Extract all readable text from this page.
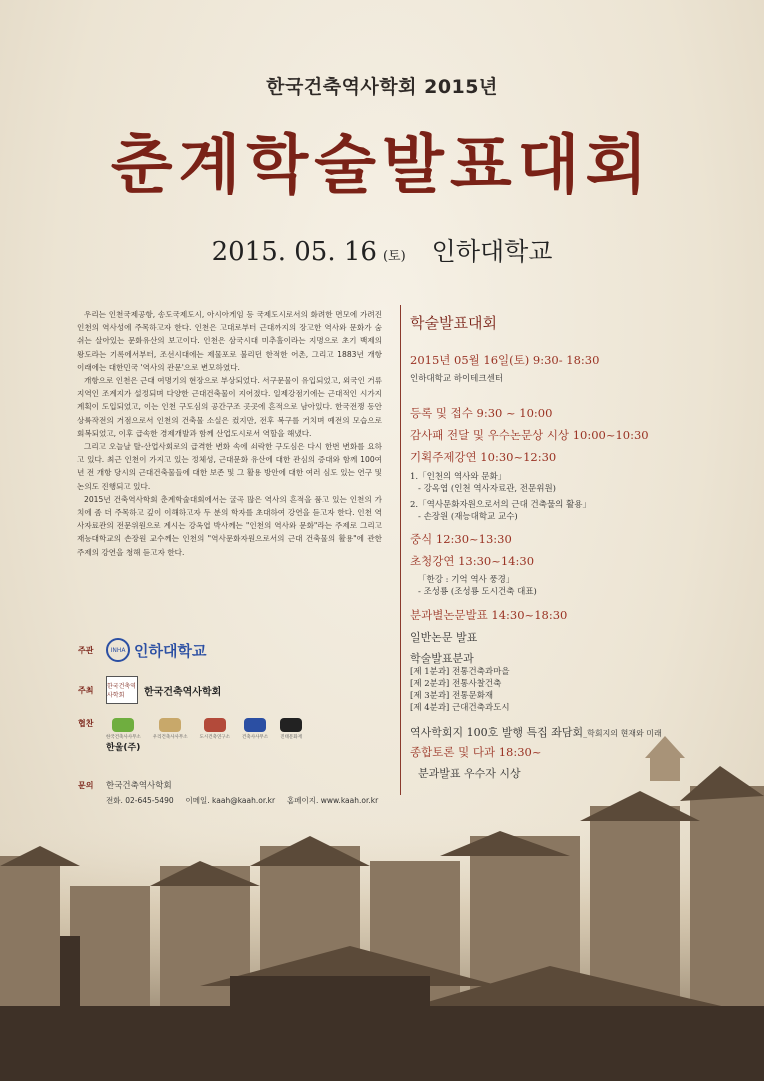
한국건축역사학회 2015년
춘계학술발표대회
2015. 05. 16 (토) 인하대학교

우리는 인천국제공항, 송도국제도시, 아시아게임 등 국제도시로서의 화려한 면모에 가려진 인천의 역사성에 주목하고자 한다. 인천은 고대로부터 근대까지의 장고한 역사와 문화가 숨쉬는 살아있는 문화유산의 보고이다. 인천은 삼국시대 미추홀이라는 지명으로 초기 백제의 왕도라는 기록에서부터, 조선시대에는 제물포로 불리던 한적한 어촌, 그리고 1883년 개항 이래에는 대한민국 '역사의 관문'으로 변모하였다.

개항으로 인천은 근대 여명기의 현장으로 부상되었다. 서구문물이 유입되었고, 외국인 거류지역인 조계지가 설정되며 다양한 근대건축물이 지어졌다. 일제강점기에는 근대적인 시가지 계획이 도입되었고, 이는 인천 구도심의 공간구조 곳곳에 흔적으로 남아있다. 한국전쟁 동안 상륙작전의 거점으로서 인천의 건축물 소실은 컸지만, 전후 복구를 거치며 예전의 모습으로 회복되었고, 이후 급속한 경제개발과 함께 산업도시로서 역할을 해냈다.

그리고 오늘날 탈-산업사회로의 급격한 변화 속에 쇠락한 구도심은 다시 한번 변화를 요하고 있다. 최근 인천이 가지고 있는 정체성, 근대문화 유산에 대한 관심의 증대와 함께 100여년 전 개항 당시의 근대건축물들에 대한 보존 및 그 활용 방안에 대한 여러 심도 있는 연구 및 논의도 진행되고 있다.

2015년 건축역사학회 춘계학술대회에서는 굴곡 많은 역사의 흔적을 품고 있는 인천의 가치에 좀 더 주목하고 깊이 이해하고자 두 분의 학자를 초대하여 강연을 듣고자 한다. 인천 역사자료관의 전문위원으로 계시는 강옥엽 박사께는 "인천의 역사와 문화"라는 주제로 그리고 재능대학교의 손장원 교수께는 인천의 "역사문화자원으로서의 근대 건축물의 활용"에 관한 주제의 강연을 청해 듣고자 한다.

학술발표대회
2015년 05월 16일(토) 9:30- 18:30
인하대학교 하이테크센터
등록 및 접수 9:30 ~ 10:00
감사패 전달 및 우수논문상 시상 10:00~10:30
기획주제강연 10:30~12:30
1.「인천의 역사와 문화」
- 강옥엽 (인천 역사자료관, 전문위원)
2.「역사문화자원으로서의 근대 건축물의 활용」
- 손장원 (재능대학교 교수)
중식 12:30~13:30
초청강연 13:30~14:30
「한강 : 기억 역사 풍경」
- 조성룡 (조성룡 도시건축 대표)
분과별논문발표 14:30~18:30
일반논문 발표
학술발표분과
[제 1분과] 전통건축과마을
[제 2분과] 전통사찰건축
[제 3분과] 전통문화재
[제 4분과] 근대건축과도시
역사학회지 100호 발행 특집 좌담회_학회지의 현재와 미래
종합토론 및 다과 18:30~
분과발표 우수자 시상
주관	INHA 인하대학교
주최	한국건축역사학회	한국건축역사학회
협찬
한국건축사사무소	우리건축사사무소	도시건축연구소	건축사사무소	진태문화재
한울(주)
문의 한국건축역사학회
전화. 02-645-5490 이메일. kaah@kaah.or.kr 홈페이지. www.kaah.or.kr
